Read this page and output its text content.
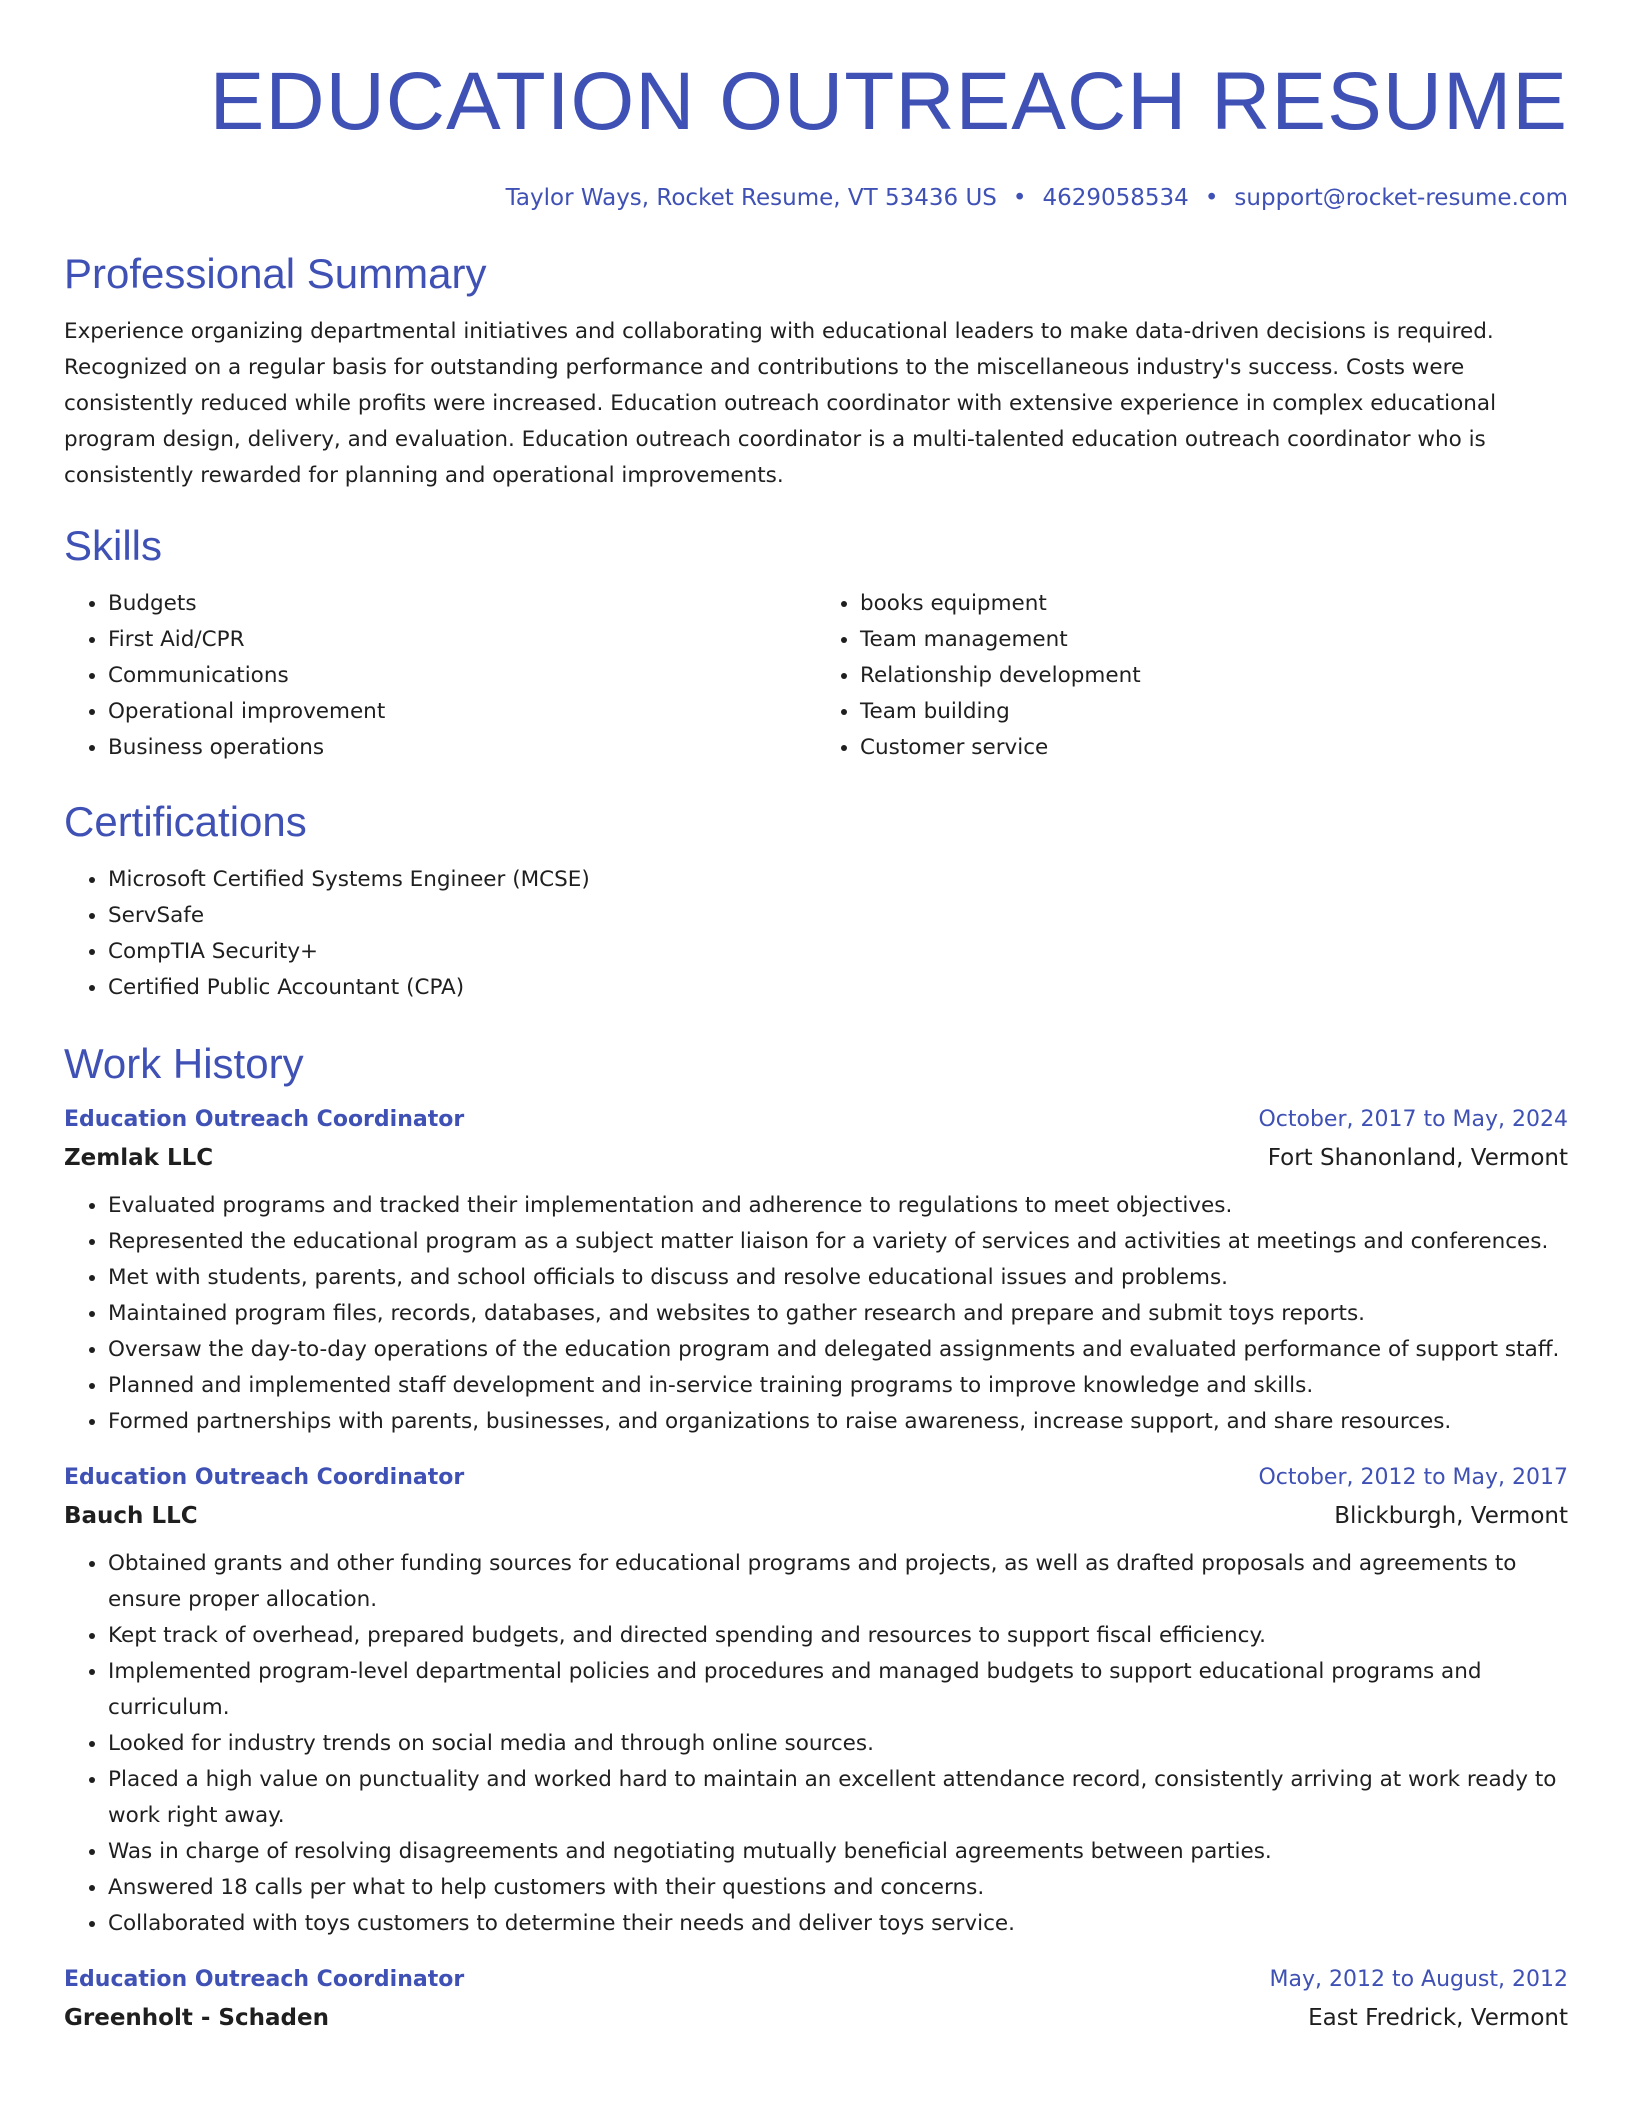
EDUCATION OUTREACH RESUME
Taylor Ways, Rocket Resume, VT 53436 US • 4629058534 • support@rocket-resume.com
Professional Summary

Experience organizing departmental initiatives and collaborating with educational leaders to make data-driven decisions is required. Recognized on a regular basis for outstanding performance and contributions to the miscellaneous industry's success. Costs were consistently reduced while profits were increased. Education outreach coordinator with extensive experience in complex educational program design, delivery, and evaluation. Education outreach coordinator is a multi-talented education outreach coordinator who is consistently rewarded for planning and operational improvements.

Skills
• Budgets
• First Aid/CPR
• Communications
• Operational improvement
• Business operations
• books equipment
• Team management
• Relationship development
• Team building
• Customer service
Certifications
• Microsoft Certified Systems Engineer (MCSE)
• ServSafe
• CompTIA Security+
• Certified Public Accountant (CPA)
Work History
Education Outreach Coordinator	October, 2017 to May, 2024
Zemlak LLC	Fort Shanonland, Vermont
• Evaluated programs and tracked their implementation and adherence to regulations to meet objectives.
• Represented the educational program as a subject matter liaison for a variety of services and activities at meetings and conferences.
• Met with students, parents, and school officials to discuss and resolve educational issues and problems.
• Maintained program files, records, databases, and websites to gather research and prepare and submit toys reports.
• Oversaw the day-to-day operations of the education program and delegated assignments and evaluated performance of support staff.
• Planned and implemented staff development and in-service training programs to improve knowledge and skills.
• Formed partnerships with parents, businesses, and organizations to raise awareness, increase support, and share resources.
Education Outreach Coordinator	October, 2012 to May, 2017
Bauch LLC	Blickburgh, Vermont
• Obtained grants and other funding sources for educational programs and projects, as well as drafted proposals and agreements to ensure proper allocation.
• Kept track of overhead, prepared budgets, and directed spending and resources to support fiscal efficiency.
• Implemented program-level departmental policies and procedures and managed budgets to support educational programs and curriculum.
• Looked for industry trends on social media and through online sources.
• Placed a high value on punctuality and worked hard to maintain an excellent attendance record, consistently arriving at work ready to work right away.
• Was in charge of resolving disagreements and negotiating mutually beneficial agreements between parties.
• Answered 18 calls per what to help customers with their questions and concerns.
• Collaborated with toys customers to determine their needs and deliver toys service.
Education Outreach Coordinator	May, 2012 to August, 2012
Greenholt - Schaden	East Fredrick, Vermont
